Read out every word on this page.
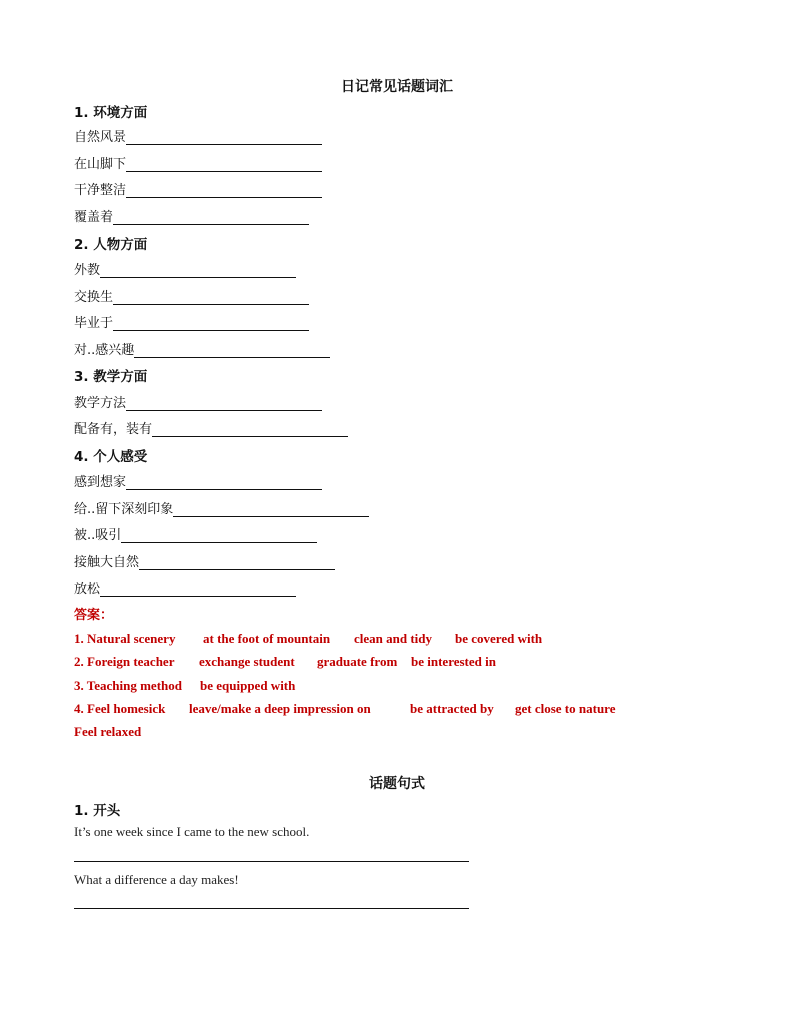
日记常见话题词汇
1. 环境方面
自然风景
在山脚下
干净整洁
覆盖着
2. 人物方面
外教
交换生
毕业于
对..感兴趣
3. 教学方面
教学方法
配备有，装有
4. 个人感受
感到想家
给..留下深刻印象
被..吸引
接触大自然
放松
答案：
1. Natural scenery at the foot of mountain clean and tidy be covered with
2. Foreign teacher exchange student graduate from be interested in
3. Teaching method be equipped with
4. Feel homesick leave/make a deep impression on	be attracted by get close to nature
Feel relaxed
话题句式
1. 开头
It’s one week since I came to the new school.
What a difference a day makes!
